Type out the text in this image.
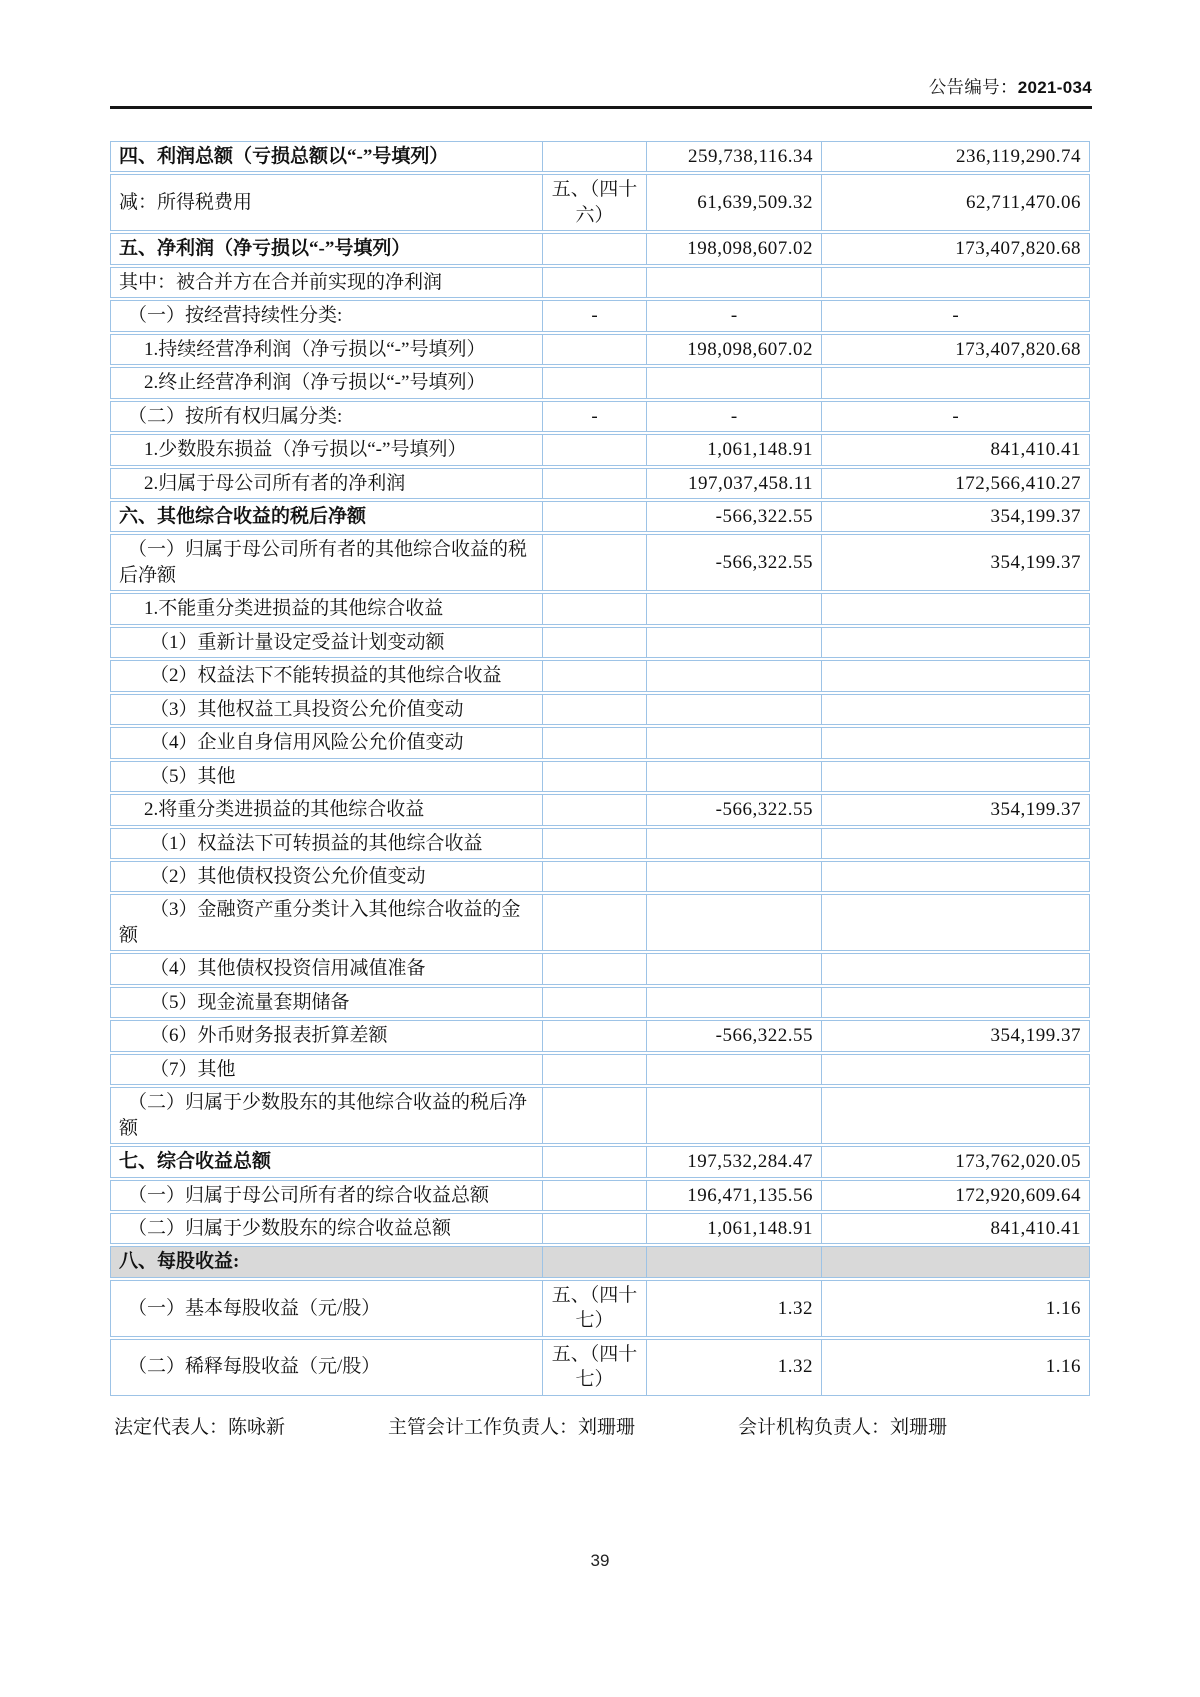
公告编号：2021-034
四、利润总额（亏损总额以“-”号填列）		259,738,116.34	236,119,290.74
减：所得税费用	五、（四十六）	61,639,509.32	62,711,470.06
五、净利润（净亏损以“-”号填列）		198,098,607.02	173,407,820.68
其中：被合并方在合并前实现的净利润			
（一）按经营持续性分类:	-	-	-
1.持续经营净利润（净亏损以“-”号填列）		198,098,607.02	173,407,820.68
2.终止经营净利润（净亏损以“-”号填列）			
（二）按所有权归属分类:	-	-	-
1.少数股东损益（净亏损以“-”号填列）		1,061,148.91	841,410.41
2.归属于母公司所有者的净利润		197,037,458.11	172,566,410.27
六、其他综合收益的税后净额		-566,322.55	354,199.37
（一）归属于母公司所有者的其他综合收益的税后净额		-566,322.55	354,199.37
1.不能重分类进损益的其他综合收益			
（1）重新计量设定受益计划变动额			
（2）权益法下不能转损益的其他综合收益			
（3）其他权益工具投资公允价值变动			
（4）企业自身信用风险公允价值变动			
（5）其他			
2.将重分类进损益的其他综合收益		-566,322.55	354,199.37
（1）权益法下可转损益的其他综合收益			
（2）其他债权投资公允价值变动			
（3）金融资产重分类计入其他综合收益的金额			
（4）其他债权投资信用减值准备			
（5）现金流量套期储备			
（6）外币财务报表折算差额		-566,322.55	354,199.37
（7）其他			
（二）归属于少数股东的其他综合收益的税后净额			
七、综合收益总额		197,532,284.47	173,762,020.05
（一）归属于母公司所有者的综合收益总额		196,471,135.56	172,920,609.64
（二）归属于少数股东的综合收益总额		1,061,148.91	841,410.41
八、每股收益:			
（一）基本每股收益（元/股）	五、（四十七）	1.32	1.16
（二）稀释每股收益（元/股）	五、（四十七）	1.32	1.16
法定代表人：陈咏新	主管会计工作负责人：刘珊珊	会计机构负责人：刘珊珊
39
